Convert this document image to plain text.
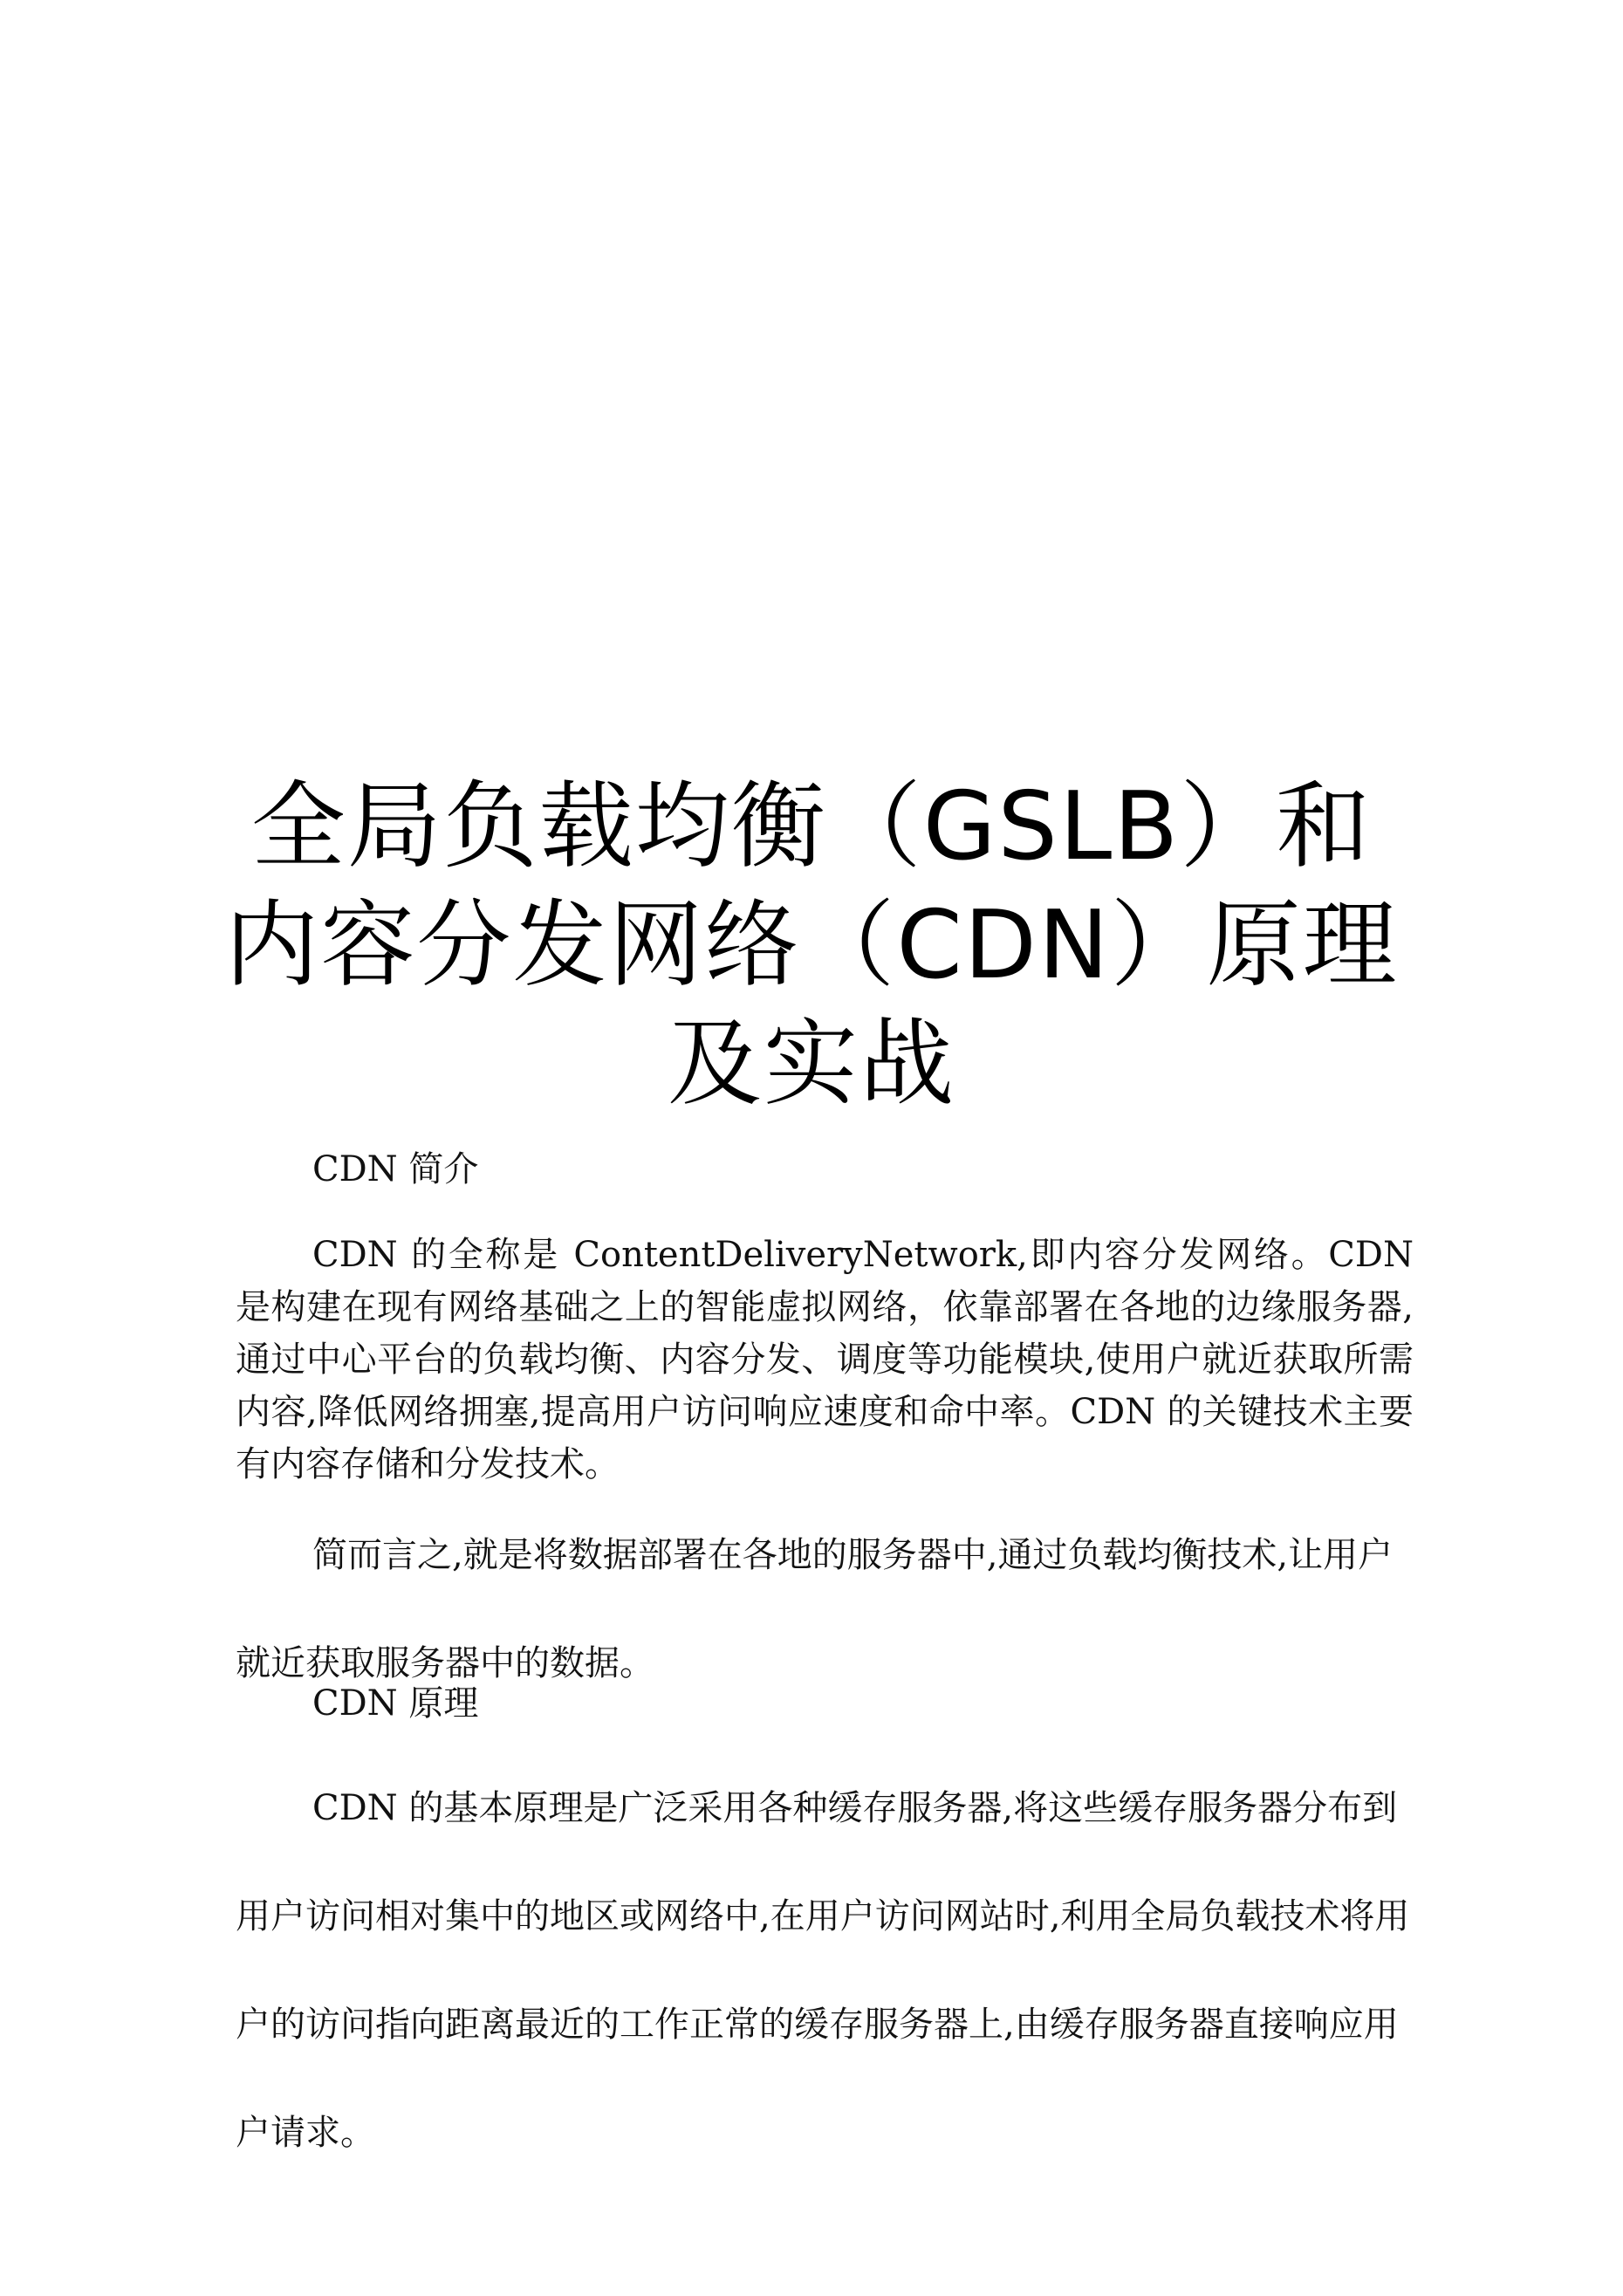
全局负载均衡（GSLB）和
内容分发网络（CDN）原理
及实战
CDN 简介
CDN 的全称是 ContentDeliveryNetwork,即内容分发网络。CDN 是构建在现有网络基础之上的智能虚拟网络，依靠部署在各地的边缘服务器,通过中心平台的负载均衡、内容分发、调度等功能模块,使用户就近获取所需内容,降低网络拥塞,提高用户访问响应速度和命中率。CDN 的关键技术主要有内容存储和分发技术。
简而言之,就是将数据部署在各地的服务器中,通过负载均衡技术,让用户就近获取服务器中的数据。
CDN 原理
CDN 的基本原理是广泛采用各种缓存服务器,将这些缓存服务器分布到用户访问相对集中的地区或网络中,在用户访问网站时,利用全局负载技术将用户的访问指向距离最近的工作正常的缓存服务器上,由缓存服务器直接响应用户请求。
